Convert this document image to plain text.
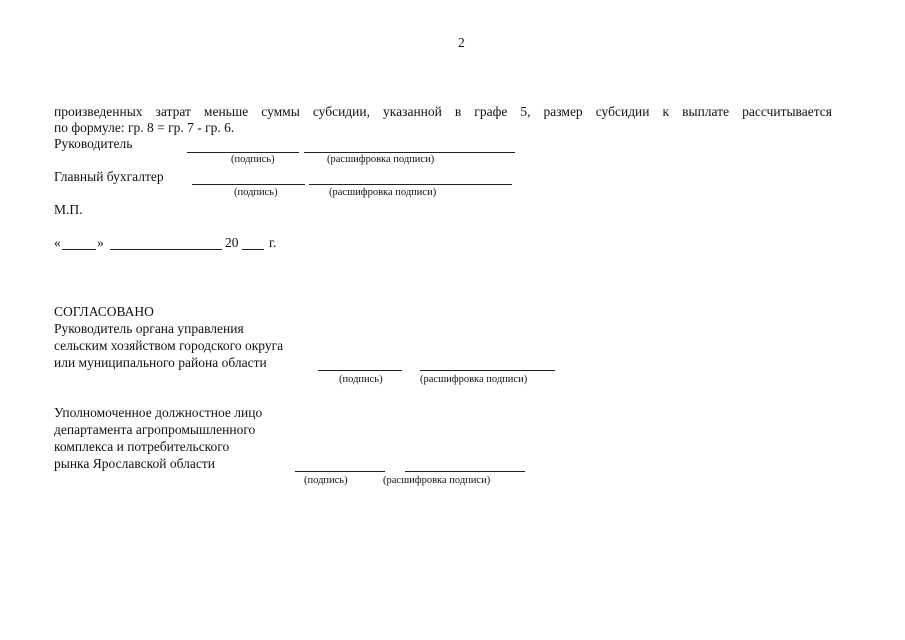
2
произведенных затрат меньше суммы субсидии, указанной в графе 5, размер субсидии к выплате рассчитывается
по формуле: гр. 8 = гр. 7 - гр. 6.
Руководитель
(подпись)	(расшифровка подписи)
Главный бухгалтер
(подпись)	(расшифровка подписи)
М.П.
«	»	20 г.
СОГЛАСОВАНО
Руководитель органа управления
сельским хозяйством городского округа
или муниципального района области
(подпись)	(расшифровка подписи)
Уполномоченное должностное лицо
департамента агропромышленного
комплекса и потребительского
рынка Ярославской области
(подпись)	(расшифровка подписи)
